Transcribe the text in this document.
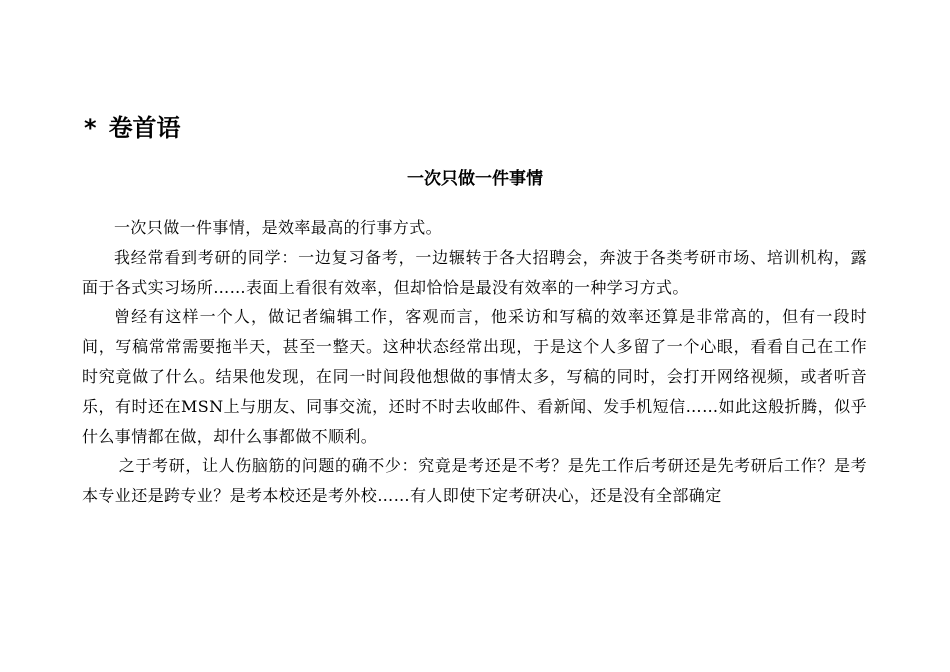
* 卷首语
一次只做一件事情

一次只做一件事情，是效率最高的行事方式。

我经常看到考研的同学：一边复习备考，一边辗转于各大招聘会，奔波于各类考研市场、培训机构，露面于各式实习场所……表面上看很有效率，但却恰恰是最没有效率的一种学习方式。

曾经有这样一个人，做记者编辑工作，客观而言，他采访和写稿的效率还算是非常高的，但有一段时间，写稿常常需要拖半天，甚至一整天。这种状态经常出现，于是这个人多留了一个心眼，看看自己在工作时究竟做了什么。结果他发现，在同一时间段他想做的事情太多，写稿的同时，会打开网络视频，或者听音乐，有时还在MSN上与朋友、同事交流，还时不时去收邮件、看新闻、发手机短信……如此这般折腾，似乎什么事情都在做，却什么事都做不顺利。

之于考研，让人伤脑筋的问题的确不少：究竟是考还是不考？是先工作后考研还是先考研后工作？是考本专业还是跨专业？是考本校还是考外校……有人即使下定考研决心，还是没有全部确定
